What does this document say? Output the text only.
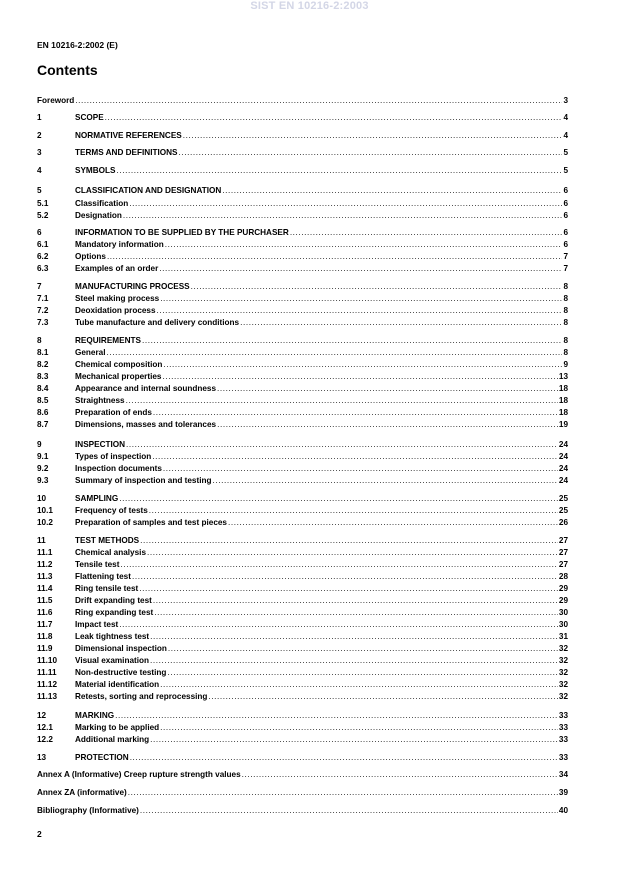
SIST EN 10216-2:2003
EN 10216-2:2002 (E)
Contents
Foreword .....	3
1	SCOPE .....	4
2	NORMATIVE REFERENCES .....	4
3	TERMS AND DEFINITIONS .....	5
4	SYMBOLS .....	5
5	CLASSIFICATION AND DESIGNATION .....	6
5.1	Classification .....	6
5.2	Designation .....	6
6	INFORMATION TO BE SUPPLIED BY THE PURCHASER .....	6
6.1	Mandatory information .....	6
6.2	Options .....	7
6.3	Examples of an order .....	7
7	MANUFACTURING PROCESS .....	8
7.1	Steel making process .....	8
7.2	Deoxidation process .....	8
7.3	Tube manufacture and delivery conditions .....	8
8	REQUIREMENTS .....	8
8.1	General .....	8
8.2	Chemical composition .....	9
8.3	Mechanical properties .....	13
8.4	Appearance and internal soundness .....	18
8.5	Straightness .....	18
8.6	Preparation of ends .....	18
8.7	Dimensions, masses and tolerances .....	19
9	INSPECTION .....	24
9.1	Types of inspection .....	24
9.2	Inspection documents .....	24
9.3	Summary of inspection and testing .....	24
10	SAMPLING .....	25
10.1	Frequency of tests .....	25
10.2	Preparation of samples and test pieces .....	26
11	TEST METHODS .....	27
11.1	Chemical analysis .....	27
11.2	Tensile test .....	27
11.3	Flattening test .....	28
11.4	Ring tensile test .....	29
11.5	Drift expanding test .....	29
11.6	Ring expanding test .....	30
11.7	Impact test .....	30
11.8	Leak tightness test .....	31
11.9	Dimensional inspection .....	32
11.10	Visual examination .....	32
11.11	Non-destructive testing .....	32
11.12	Material identification .....	32
11.13	Retests, sorting and reprocessing .....	32
12	MARKING .....	33
12.1	Marking to be applied .....	33
12.2	Additional marking .....	33
13	PROTECTION .....	33
Annex A (Informative) Creep rupture strength values .....	34
Annex ZA (informative) .....	39
Bibliography (Informative) .....	40
2
